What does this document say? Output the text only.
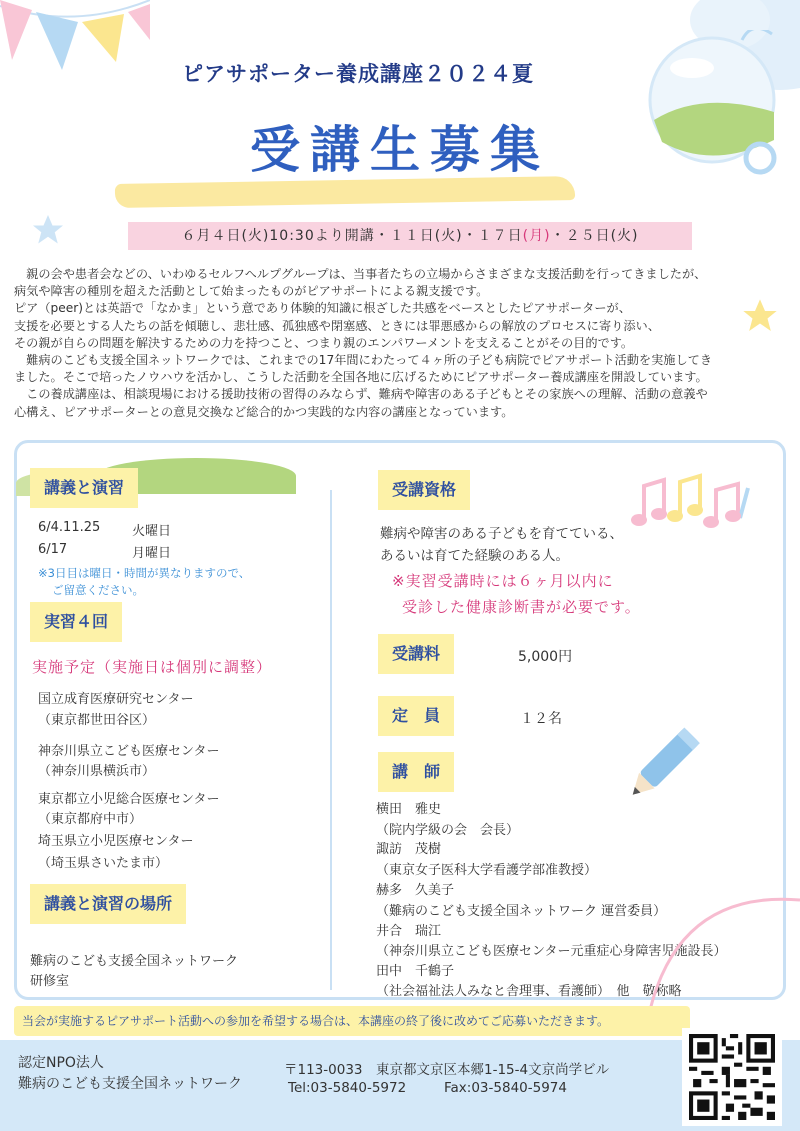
ピアサポーター養成講座２０２４夏
受講生募集
６月４日(火)10:30より開講・１１日(火)・１７日(月)・２５日(火)

　親の会や患者会などの、いわゆるセルフヘルプグループは、当事者たちの立場からさまざまな支援活動を行ってきましたが、

病気や障害の種別を超えた活動として始まったものがピアサポートによる親支援です。

ピア（peer)とは英語で「なかま」という意であり体験的知識に根ざした共感をベースとしたピアサポーターが、

支援を必要とする人たちの話を傾聴し、悲壮感、孤独感や閉塞感、ときには罪悪感からの解放のプロセスに寄り添い、

その親が自らの問題を解決するための力を持つこと、つまり親のエンパワーメントを支えることがその目的です。

　難病のこども支援全国ネットワークでは、これまでの17年間にわたって４ヶ所の子ども病院でピアサポート活動を実施してき

ました。そこで培ったノウハウを活かし、こうした活動を全国各地に広げるためにピアサポーター養成講座を開設しています。

　この養成講座は、相談現場における援助技術の習得のみならず、難病や障害のある子どもとその家族への理解、活動の意義や

心構え、ピアサポーターとの意見交換など総合的かつ実践的な内容の講座となっています。

講義と演習
6/4.11.25 火曜日
6/17	月曜日
※3日目は曜日・時間が異なりますので、
ご留意ください。
実習４回
実施予定（実施日は個別に調整）
国立成育医療研究センター
（東京都世田谷区）
神奈川県立こども医療センター
（神奈川県横浜市）
東京都立小児総合医療センター
（東京都府中市）
埼玉県立小児医療センター
（埼玉県さいたま市）
講義と演習の場所
難病のこども支援全国ネットワーク
研修室
受講資格
難病や障害のある子どもを育てている、
あるいは育てた経験のある人。
※実習受講時には６ヶ月以内に
受診した健康診断書が必要です。
受講料	5,000円
定　員	１２名
講　師
横田　雅史
（院内学級の会　会長）
諏訪　茂樹
（東京女子医科大学看護学部准教授）
赫多　久美子
（難病のこども支援全国ネットワーク 運営委員）
井合　瑞江
（神奈川県立こども医療センター元重症心身障害児施設長）
田中　千鶴子
（社会福祉法人みなと舎理事、看護師）　他　敬称略
当会が実施するピアサポート活動への参加を希望する場合は、本講座の終了後に改めてご応募いただきます。
認定NPO法人
難病のこども支援全国ネットワーク
〒113-0033　東京都文京区本郷1-15-4文京尚学ビル
Tel:03-5840-5972	Fax:03-5840-5974
